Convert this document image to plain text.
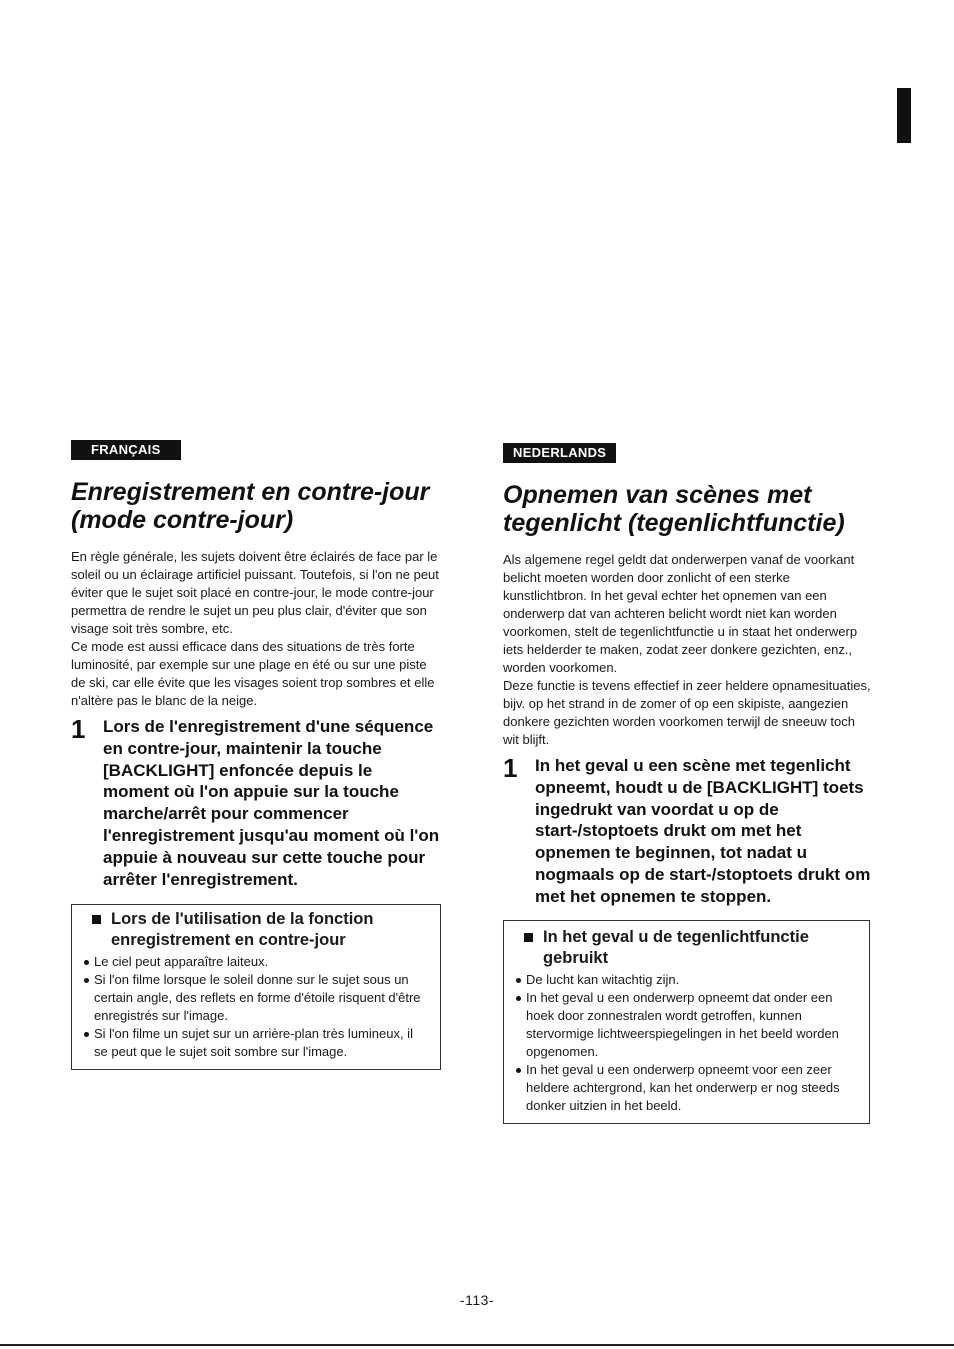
FRANÇAIS
Enregistrement en contre-jour (mode contre-jour)

En règle générale, les sujets doivent être éclairés de face par le soleil ou un éclairage artificiel puissant. Toutefois, si l'on ne peut éviter que le sujet soit placé en contre-jour, le mode contre-jour permettra de rendre le sujet un peu plus clair, d'éviter que son visage soit très sombre, etc.

Ce mode est aussi efficace dans des situations de très forte luminosité, par exemple sur une plage en été ou sur une piste de ski, car elle évite que les visages soient trop sombres et elle n'altère pas le blanc de la neige.

1	Lors de l'enregistrement d'une séquence en contre-jour, maintenir la touche [BACKLIGHT] enfoncée depuis le moment où l'on appuie sur la touche marche/arrêt pour commencer l'enregistrement jusqu'au moment où l'on appuie à nouveau sur cette touche pour arrêter l'enregistrement.
Lors de l'utilisation de la fonction enregistrement en contre-jour
Le ciel peut apparaître laiteux.
Si l'on filme lorsque le soleil donne sur le sujet sous un certain angle, des reflets en forme d'étoile risquent d'être enregistrés sur l'image.
Si l'on filme un sujet sur un arrière-plan très lumineux, il se peut que le sujet soit sombre sur l'image.
NEDERLANDS
Opnemen van scènes met tegenlicht (tegenlichtfunctie)

Als algemene regel geldt dat onderwerpen vanaf de voorkant belicht moeten worden door zonlicht of een sterke kunstlichtbron. In het geval echter het opnemen van een onderwerp dat van achteren belicht wordt niet kan worden voorkomen, stelt de tegenlichtfunctie u in staat het onderwerp iets helderder te maken, zodat zeer donkere gezichten, enz., worden voorkomen.

Deze functie is tevens effectief in zeer heldere opnamesituaties, bijv. op het strand in de zomer of op een skipiste, aangezien donkere gezichten worden voorkomen terwijl de sneeuw toch wit blijft.

1	In het geval u een scène met tegenlicht opneemt, houdt u de [BACKLIGHT] toets ingedrukt van voordat u op de start-/stoptoets drukt om met het opnemen te beginnen, tot nadat u nogmaals op de start-/stoptoets drukt om met het opnemen te stoppen.
In het geval u de tegenlichtfunctie gebruikt
De lucht kan witachtig zijn.
In het geval u een onderwerp opneemt dat onder een hoek door zonnestralen wordt getroffen, kunnen stervormige lichtweerspiegelingen in het beeld worden opgenomen.
In het geval u een onderwerp opneemt voor een zeer heldere achtergrond, kan het onderwerp er nog steeds donker uitzien in het beeld.
-113-
